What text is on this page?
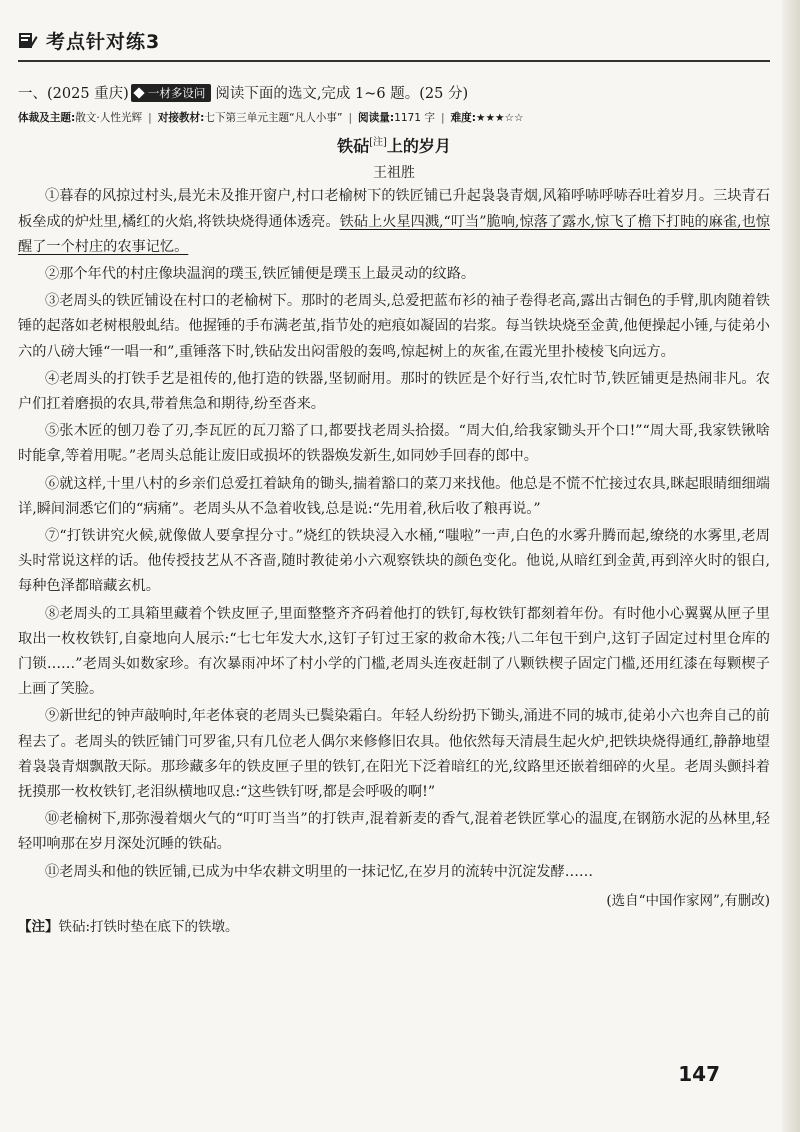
考点针对练3
一、(2025 重庆) 一材多设问 阅读下面的选文,完成 1~6 题。(25 分)
体裁及主题:散文·人性光辉 | 对接教材:七下第三单元主题“凡人小事” | 阅读量:1171 字 | 难度:★★★☆☆
铁砧[注]上的岁月
王祖胜

①暮春的风掠过村头,晨光未及推开窗户,村口老榆树下的铁匠铺已升起袅袅青烟,风箱呼哧呼哧吞吐着岁月。三块青石板垒成的炉灶里,橘红的火焰,将铁块烧得通体透亮。铁砧上火星四溅,“叮当”脆响,惊落了露水,惊飞了檐下打盹的麻雀,也惊醒了一个村庄的农事记忆。

②那个年代的村庄像块温润的璞玉,铁匠铺便是璞玉上最灵动的纹路。

③老周头的铁匠铺设在村口的老榆树下。那时的老周头,总爱把蓝布衫的袖子卷得老高,露出古铜色的手臂,肌肉随着铁锤的起落如老树根般虬结。他握锤的手布满老茧,指节处的疤痕如凝固的岩浆。每当铁块烧至金黄,他便操起小锤,与徒弟小六的八磅大锤“一唱一和”,重锤落下时,铁砧发出闷雷般的轰鸣,惊起树上的灰雀,在霞光里扑棱棱飞向远方。

④老周头的打铁手艺是祖传的,他打造的铁器,坚韧耐用。那时的铁匠是个好行当,农忙时节,铁匠铺更是热闹非凡。农户们扛着磨损的农具,带着焦急和期待,纷至沓来。

⑤张木匠的刨刀卷了刃,李瓦匠的瓦刀豁了口,都要找老周头拾掇。“周大伯,给我家锄头开个口!”“周大哥,我家铁锹啥时能拿,等着用呢。”老周头总能让废旧或损坏的铁器焕发新生,如同妙手回春的郎中。

⑥就这样,十里八村的乡亲们总爱扛着缺角的锄头,揣着豁口的菜刀来找他。他总是不慌不忙接过农具,眯起眼睛细细端详,瞬间洞悉它们的“病痛”。老周头从不急着收钱,总是说:“先用着,秋后收了粮再说。”

⑦“打铁讲究火候,就像做人要拿捏分寸。”烧红的铁块浸入水桶,“嗤啦”一声,白色的水雾升腾而起,缭绕的水雾里,老周头时常说这样的话。他传授技艺从不吝啬,随时教徒弟小六观察铁块的颜色变化。他说,从暗红到金黄,再到淬火时的银白,每种色泽都暗藏玄机。

⑧老周头的工具箱里藏着个铁皮匣子,里面整整齐齐码着他打的铁钉,每枚铁钉都刻着年份。有时他小心翼翼从匣子里取出一枚枚铁钉,自豪地向人展示:“七七年发大水,这钉子钉过王家的救命木筏;八二年包干到户,这钉子固定过村里仓库的门锁……”老周头如数家珍。有次暴雨冲坏了村小学的门槛,老周头连夜赶制了八颗铁楔子固定门槛,还用红漆在每颗楔子上画了笑脸。

⑨新世纪的钟声敲响时,年老体衰的老周头已鬓染霜白。年轻人纷纷扔下锄头,涌进不同的城市,徒弟小六也奔自己的前程去了。老周头的铁匠铺门可罗雀,只有几位老人偶尔来修修旧农具。他依然每天清晨生起火炉,把铁块烧得通红,静静地望着袅袅青烟飘散天际。那珍藏多年的铁皮匣子里的铁钉,在阳光下泛着暗红的光,纹路里还嵌着细碎的火星。老周头颤抖着抚摸那一枚枚铁钉,老泪纵横地叹息:“这些铁钉呀,都是会呼吸的啊!”

⑩老榆树下,那弥漫着烟火气的“叮叮当当”的打铁声,混着新麦的香气,混着老铁匠掌心的温度,在钢筋水泥的丛林里,轻轻叩响那在岁月深处沉睡的铁砧。

⑪老周头和他的铁匠铺,已成为中华农耕文明里的一抹记忆,在岁月的流转中沉淀发酵……

(选自“中国作家网”,有删改)
【注】铁砧:打铁时垫在底下的铁墩。
147
